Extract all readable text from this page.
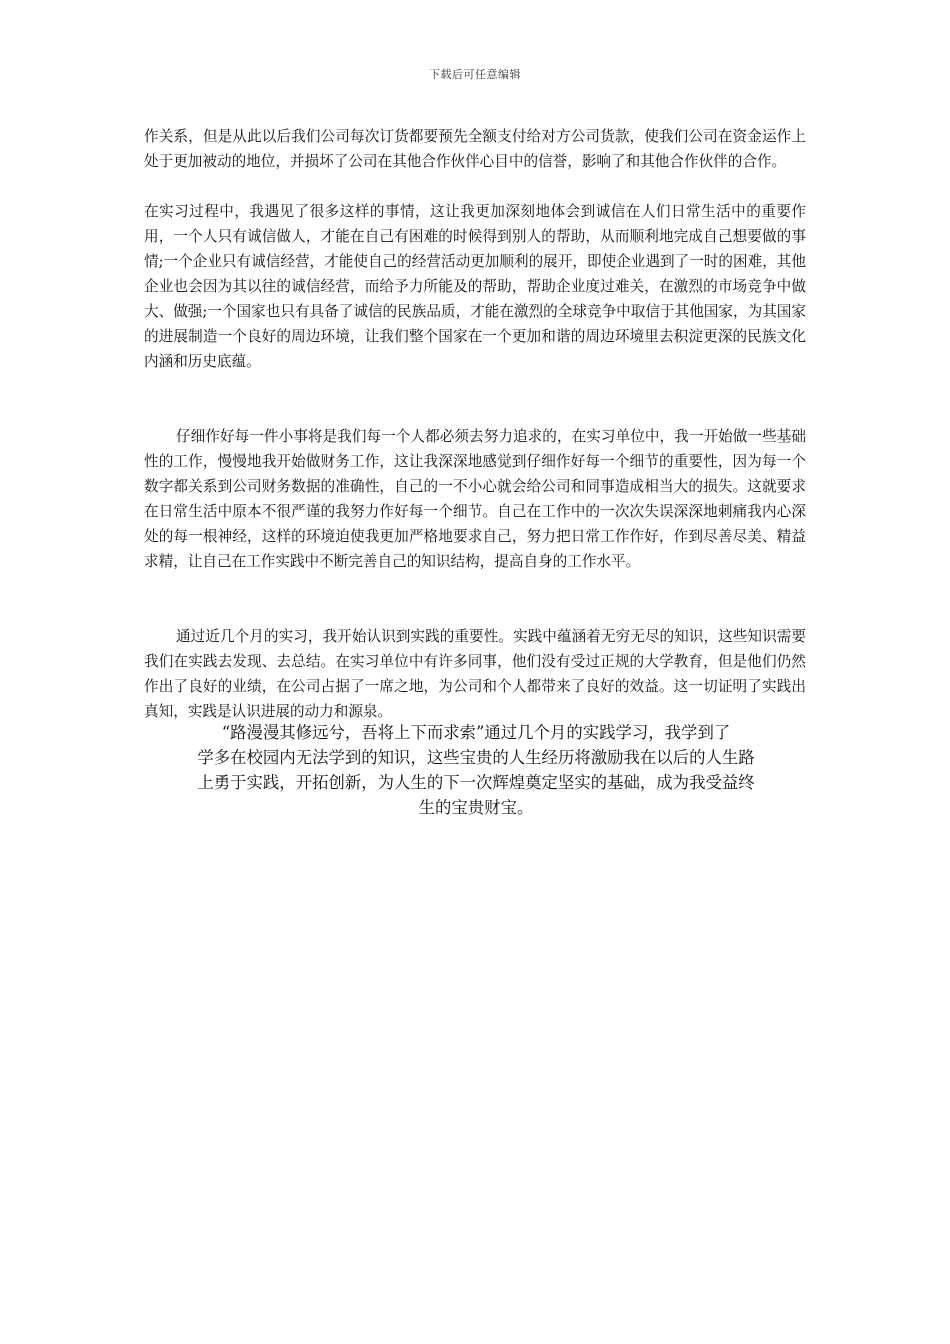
下载后可任意编辑

作关系，但是从此以后我们公司每次订货都要预先全额支付给对方公司货款，使我们公司在资金运作上处于更加被动的地位，并损坏了公司在其他合作伙伴心目中的信誉，影响了和其他合作伙伴的合作。

在实习过程中，我遇见了很多这样的事情，这让我更加深刻地体会到诚信在人们日常生活中的重要作用，一个人只有诚信做人，才能在自己有困难的时候得到别人的帮助，从而顺利地完成自己想要做的事情;一个企业只有诚信经营，才能使自己的经营活动更加顺利的展开，即使企业遇到了一时的困难，其他企业也会因为其以往的诚信经营，而给予力所能及的帮助，帮助企业度过难关，在激烈的市场竞争中做大、做强;一个国家也只有具备了诚信的民族品质，才能在激烈的全球竞争中取信于其他国家，为其国家的进展制造一个良好的周边环境，让我们整个国家在一个更加和谐的周边环境里去积淀更深的民族文化内涵和历史底蕴。

仔细作好每一件小事将是我们每一个人都必须去努力追求的，在实习单位中，我一开始做一些基础性的工作，慢慢地我开始做财务工作，这让我深深地感觉到仔细作好每一个细节的重要性，因为每一个数字都关系到公司财务数据的准确性，自己的一不小心就会给公司和同事造成相当大的损失。这就要求在日常生活中原本不很严谨的我努力作好每一个细节。自己在工作中的一次次失误深深地刺痛我内心深处的每一根神经，这样的环境迫使我更加严格地要求自己，努力把日常工作作好，作到尽善尽美、精益求精，让自己在工作实践中不断完善自己的知识结构，提高自身的工作水平。

通过近几个月的实习，我开始认识到实践的重要性。实践中蕴涵着无穷无尽的知识，这些知识需要我们在实践去发现、去总结。在实习单位中有许多同事，他们没有受过正规的大学教育，但是他们仍然作出了良好的业绩，在公司占据了一席之地，为公司和个人都带来了良好的效益。这一切证明了实践出真知，实践是认识进展的动力和源泉。

“路漫漫其修远兮，吾将上下而求索”通过几个月的实践学习，我学到了
学多在校园内无法学到的知识，这些宝贵的人生经历将激励我在以后的人生路
上勇于实践，开拓创新，为人生的下一次辉煌奠定坚实的基础，成为我受益终
生的宝贵财宝。
